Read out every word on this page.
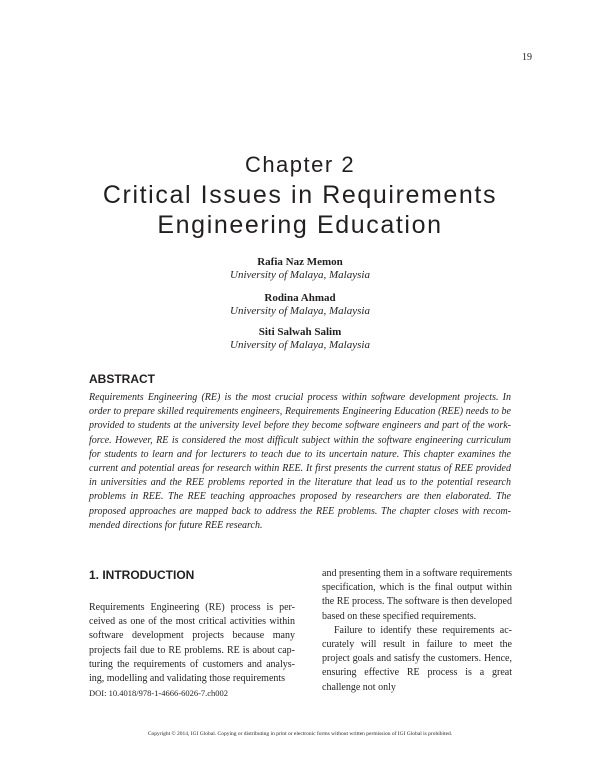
19
Chapter 2
Critical Issues in Requirements
Engineering Education
Rafia Naz Memon
University of Malaya, Malaysia
Rodina Ahmad
University of Malaya, Malaysia
Siti Salwah Salim
University of Malaya, Malaysia
ABSTRACT

Requirements Engineering (RE) is the most crucial process within software development projects. In order to prepare skilled requirements engineers, Requirements Engineering Education (REE) needs to be provided to students at the university level before they become software engineers and part of the work-force. However, RE is considered the most difficult subject within the software engineering curriculum for students to learn and for lecturers to teach due to its uncertain nature. This chapter examines the current and potential areas for research within REE. It first presents the current status of REE provided in universities and the REE problems reported in the literature that lead us to the potential research problems in REE. The REE teaching approaches proposed by researchers are then elaborated. The proposed approaches are mapped back to address the REE problems. The chapter closes with recom-mended directions for future REE research.

1. INTRODUCTION

Requirements Engineering (RE) process is per-ceived as one of the most critical activities within software development projects because many projects fail due to RE problems. RE is about cap-turing the requirements of customers and analys-ing, modelling and validating those requirements

and presenting them in a software requirements specification, which is the final output within the RE process. The software is then developed based on these specified requirements.

Failure to identify these requirements ac-curately will result in failure to meet the project goals and satisfy the customers. Hence, ensuring effective RE process is a great challenge not only

DOI: 10.4018/978-1-4666-6026-7.ch002
Copyright © 2014, IGI Global. Copying or distributing in print or electronic forms without written permission of IGI Global is prohibited.
